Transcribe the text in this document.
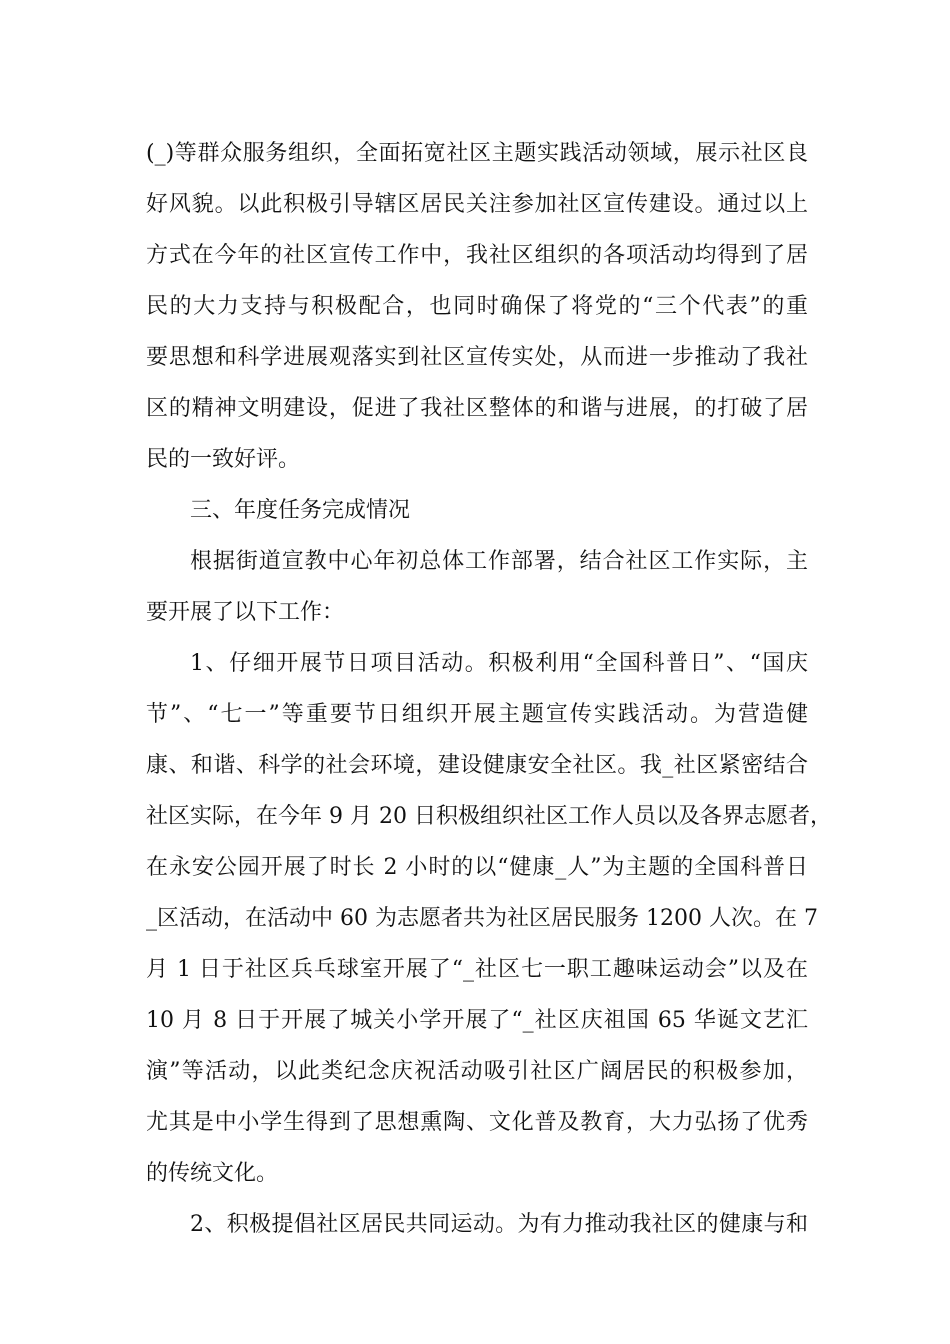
(_)等群众服务组织，全面拓宽社区主题实践活动领域，展示社区良
好风貌。以此积极引导辖区居民关注参加社区宣传建设。通过以上
方式在今年的社区宣传工作中，我社区组织的各项活动均得到了居
民的大力支持与积极配合，也同时确保了将党的“三个代表”的重
要思想和科学进展观落实到社区宣传实处，从而进一步推动了我社
区的精神文明建设，促进了我社区整体的和谐与进展，的打破了居
民的一致好评。
三、年度任务完成情况
根据街道宣教中心年初总体工作部署，结合社区工作实际，主
要开展了以下工作：
1、仔细开展节日项目活动。积极利用“全国科普日”、“国庆
节”、“七一”等重要节日组织开展主题宣传实践活动。为营造健
康、和谐、科学的社会环境，建设健康安全社区。我_社区紧密结合
社区实际，在今年 9 月 20 日积极组织社区工作人员以及各界志愿者，
在永安公园开展了时长 2 小时的以“健康_人”为主题的全国科普日
_区活动，在活动中 60 为志愿者共为社区居民服务 1200 人次。在 7
月 1 日于社区兵乓球室开展了“_社区七一职工趣味运动会”以及在
10 月 8 日于开展了城关小学开展了“_社区庆祖国 65 华诞文艺汇
演”等活动，以此类纪念庆祝活动吸引社区广阔居民的积极参加，
尤其是中小学生得到了思想熏陶、文化普及教育，大力弘扬了优秀
的传统文化。
2、积极提倡社区居民共同运动。为有力推动我社区的健康与和
